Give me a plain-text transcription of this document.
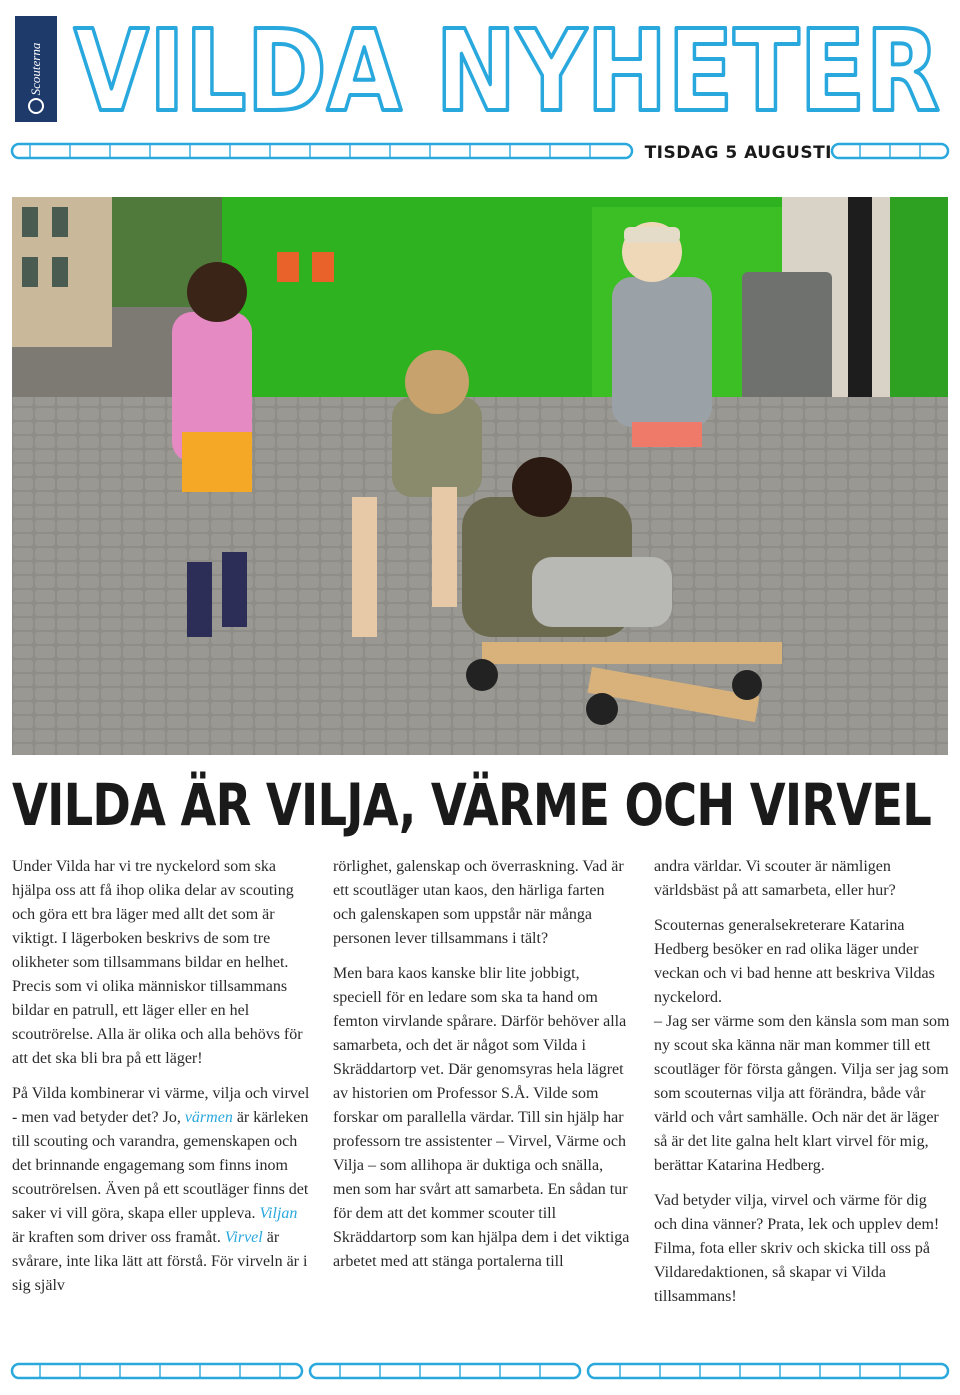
Scouterna VILDA NYHETER
TISDAG 5 AUGUSTI
VILDA ÄR VILJA, VÄRME OCH VIRVEL

Under Vilda har vi tre nyckelord som ska hjälpa oss att få ihop olika delar av scouting och göra ett bra läger med allt det som är viktigt. I lägerboken beskrivs de som tre olikheter som tillsammans bildar en helhet. Precis som vi olika människor tillsammans bildar en patrull, ett läger eller en hel scoutrörelse. Alla är olika och alla behövs för att det ska bli bra på ett läger!

På Vilda kombinerar vi värme, vilja och virvel - men vad betyder det? Jo, värmen är kärleken till scouting och varandra, gemenskapen och det brinnande engagemang som finns inom scoutrörelsen. Även på ett scoutläger finns det saker vi vill göra, skapa eller uppleva. Viljan är kraften som driver oss framåt. Virvel är svårare, inte lika lätt att förstå. För virveln är i sig själv

rörlighet, galenskap och överraskning. Vad är ett scoutläger utan kaos, den härliga farten och galenskapen som uppstår när många personen lever tillsammans i tält?

Men bara kaos kanske blir lite jobbigt, speciell för en ledare som ska ta hand om femton virvlande spårare. Därför behöver alla samarbeta, och det är något som Vilda i Skräddartorp vet. Där genomsyras hela lägret av historien om Professor S.Å. Vilde som forskar om parallella värdar. Till sin hjälp har professorn tre assistenter – Virvel, Värme och Vilja – som allihopa är duktiga och snälla, men som har svårt att samarbeta. En sådan tur för dem att det kommer scouter till Skräddartorp som kan hjälpa dem i det viktiga arbetet med att stänga portalerna till

andra världar. Vi scouter är nämligen världsbäst på att samarbeta, eller hur?

Scouternas generalsekreterare Katarina Hedberg besöker en rad olika läger under veckan och vi bad henne att beskriva Vildas nyckelord.

– Jag ser värme som den känsla som man som ny scout ska känna när man kommer till ett scoutläger för första gången. Vilja ser jag som som scouternas vilja att förändra, både vår värld och vårt samhälle. Och när det är läger så är det lite galna helt klart virvel för mig, berättar Katarina Hedberg.

Vad betyder vilja, virvel och värme för dig och dina vänner? Prata, lek och upplev dem! Filma, fota eller skriv och skicka till oss på Vildaredaktionen, så skapar vi Vilda tillsammans!
